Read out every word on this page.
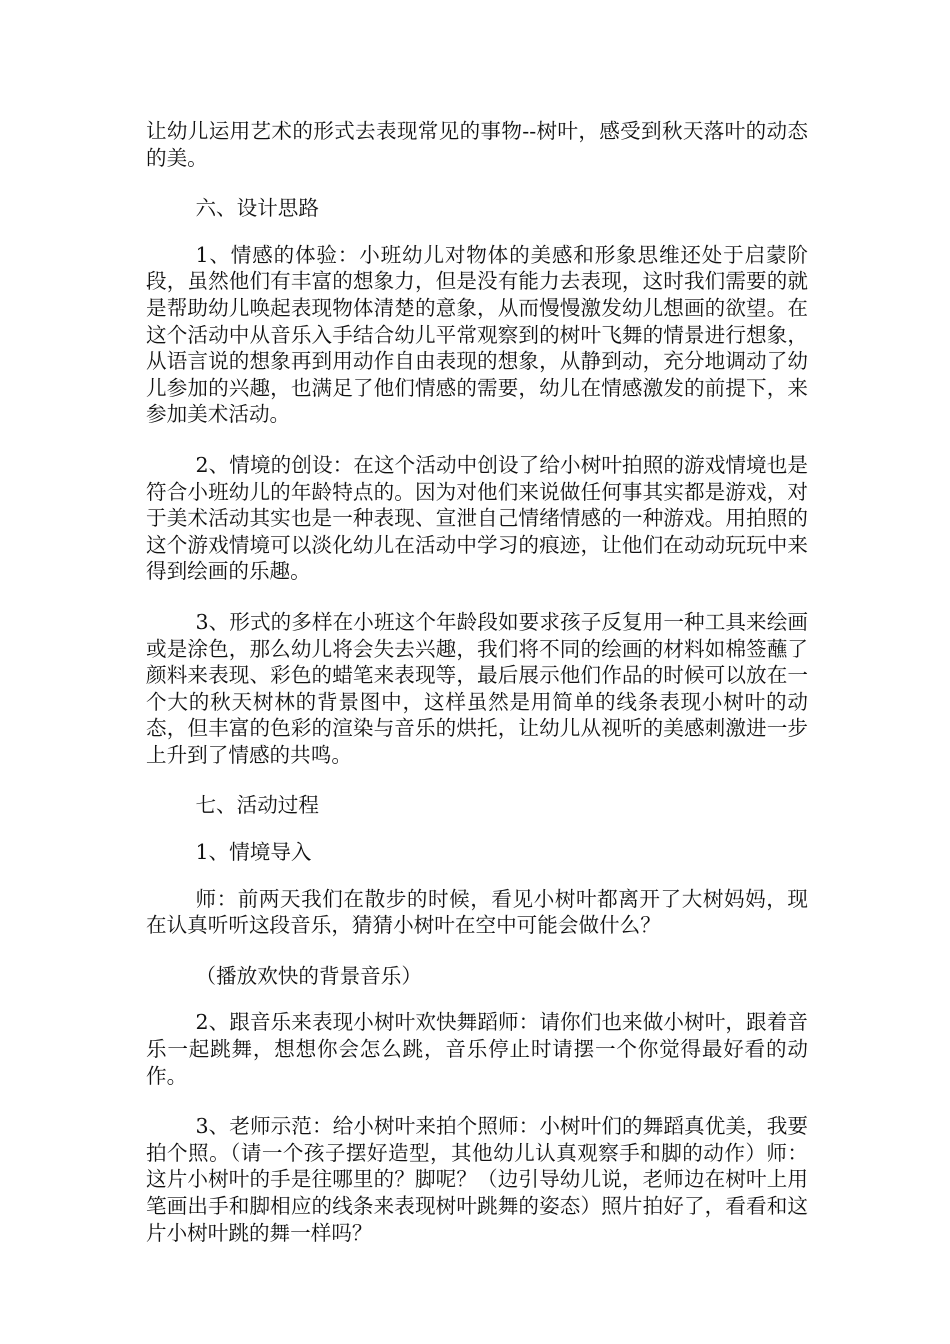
让幼儿运用艺术的形式去表现常见的事物--树叶，感受到秋天落叶的动态的美。

六、设计思路

1、情感的体验：小班幼儿对物体的美感和形象思维还处于启蒙阶段，虽然他们有丰富的想象力，但是没有能力去表现，这时我们需要的就是帮助幼儿唤起表现物体清楚的意象，从而慢慢激发幼儿想画的欲望。在这个活动中从音乐入手结合幼儿平常观察到的树叶飞舞的情景进行想象，从语言说的想象再到用动作自由表现的想象，从静到动，充分地调动了幼儿参加的兴趣，也满足了他们情感的需要，幼儿在情感激发的前提下，来参加美术活动。

2、情境的创设：在这个活动中创设了给小树叶拍照的游戏情境也是符合小班幼儿的年龄特点的。因为对他们来说做任何事其实都是游戏，对于美术活动其实也是一种表现、宣泄自己情绪情感的一种游戏。用拍照的这个游戏情境可以淡化幼儿在活动中学习的痕迹，让他们在动动玩玩中来得到绘画的乐趣。

3、形式的多样在小班这个年龄段如要求孩子反复用一种工具来绘画或是涂色，那么幼儿将会失去兴趣，我们将不同的绘画的材料如棉签蘸了颜料来表现、彩色的蜡笔来表现等，最后展示他们作品的时候可以放在一个大的秋天树林的背景图中，这样虽然是用简单的线条表现小树叶的动态，但丰富的色彩的渲染与音乐的烘托，让幼儿从视听的美感刺激进一步上升到了情感的共鸣。

七、活动过程

1、情境导入

师：前两天我们在散步的时候，看见小树叶都离开了大树妈妈，现在认真听听这段音乐，猜猜小树叶在空中可能会做什么？

（播放欢快的背景音乐）

2、跟音乐来表现小树叶欢快舞蹈师：请你们也来做小树叶，跟着音乐一起跳舞，想想你会怎么跳，音乐停止时请摆一个你觉得最好看的动作。

3、老师示范：给小树叶来拍个照师：小树叶们的舞蹈真优美，我要拍个照。（请一个孩子摆好造型，其他幼儿认真观察手和脚的动作）师：这片小树叶的手是往哪里的？脚呢？（边引导幼儿说，老师边在树叶上用笔画出手和脚相应的线条来表现树叶跳舞的姿态）照片拍好了，看看和这片小树叶跳的舞一样吗？
